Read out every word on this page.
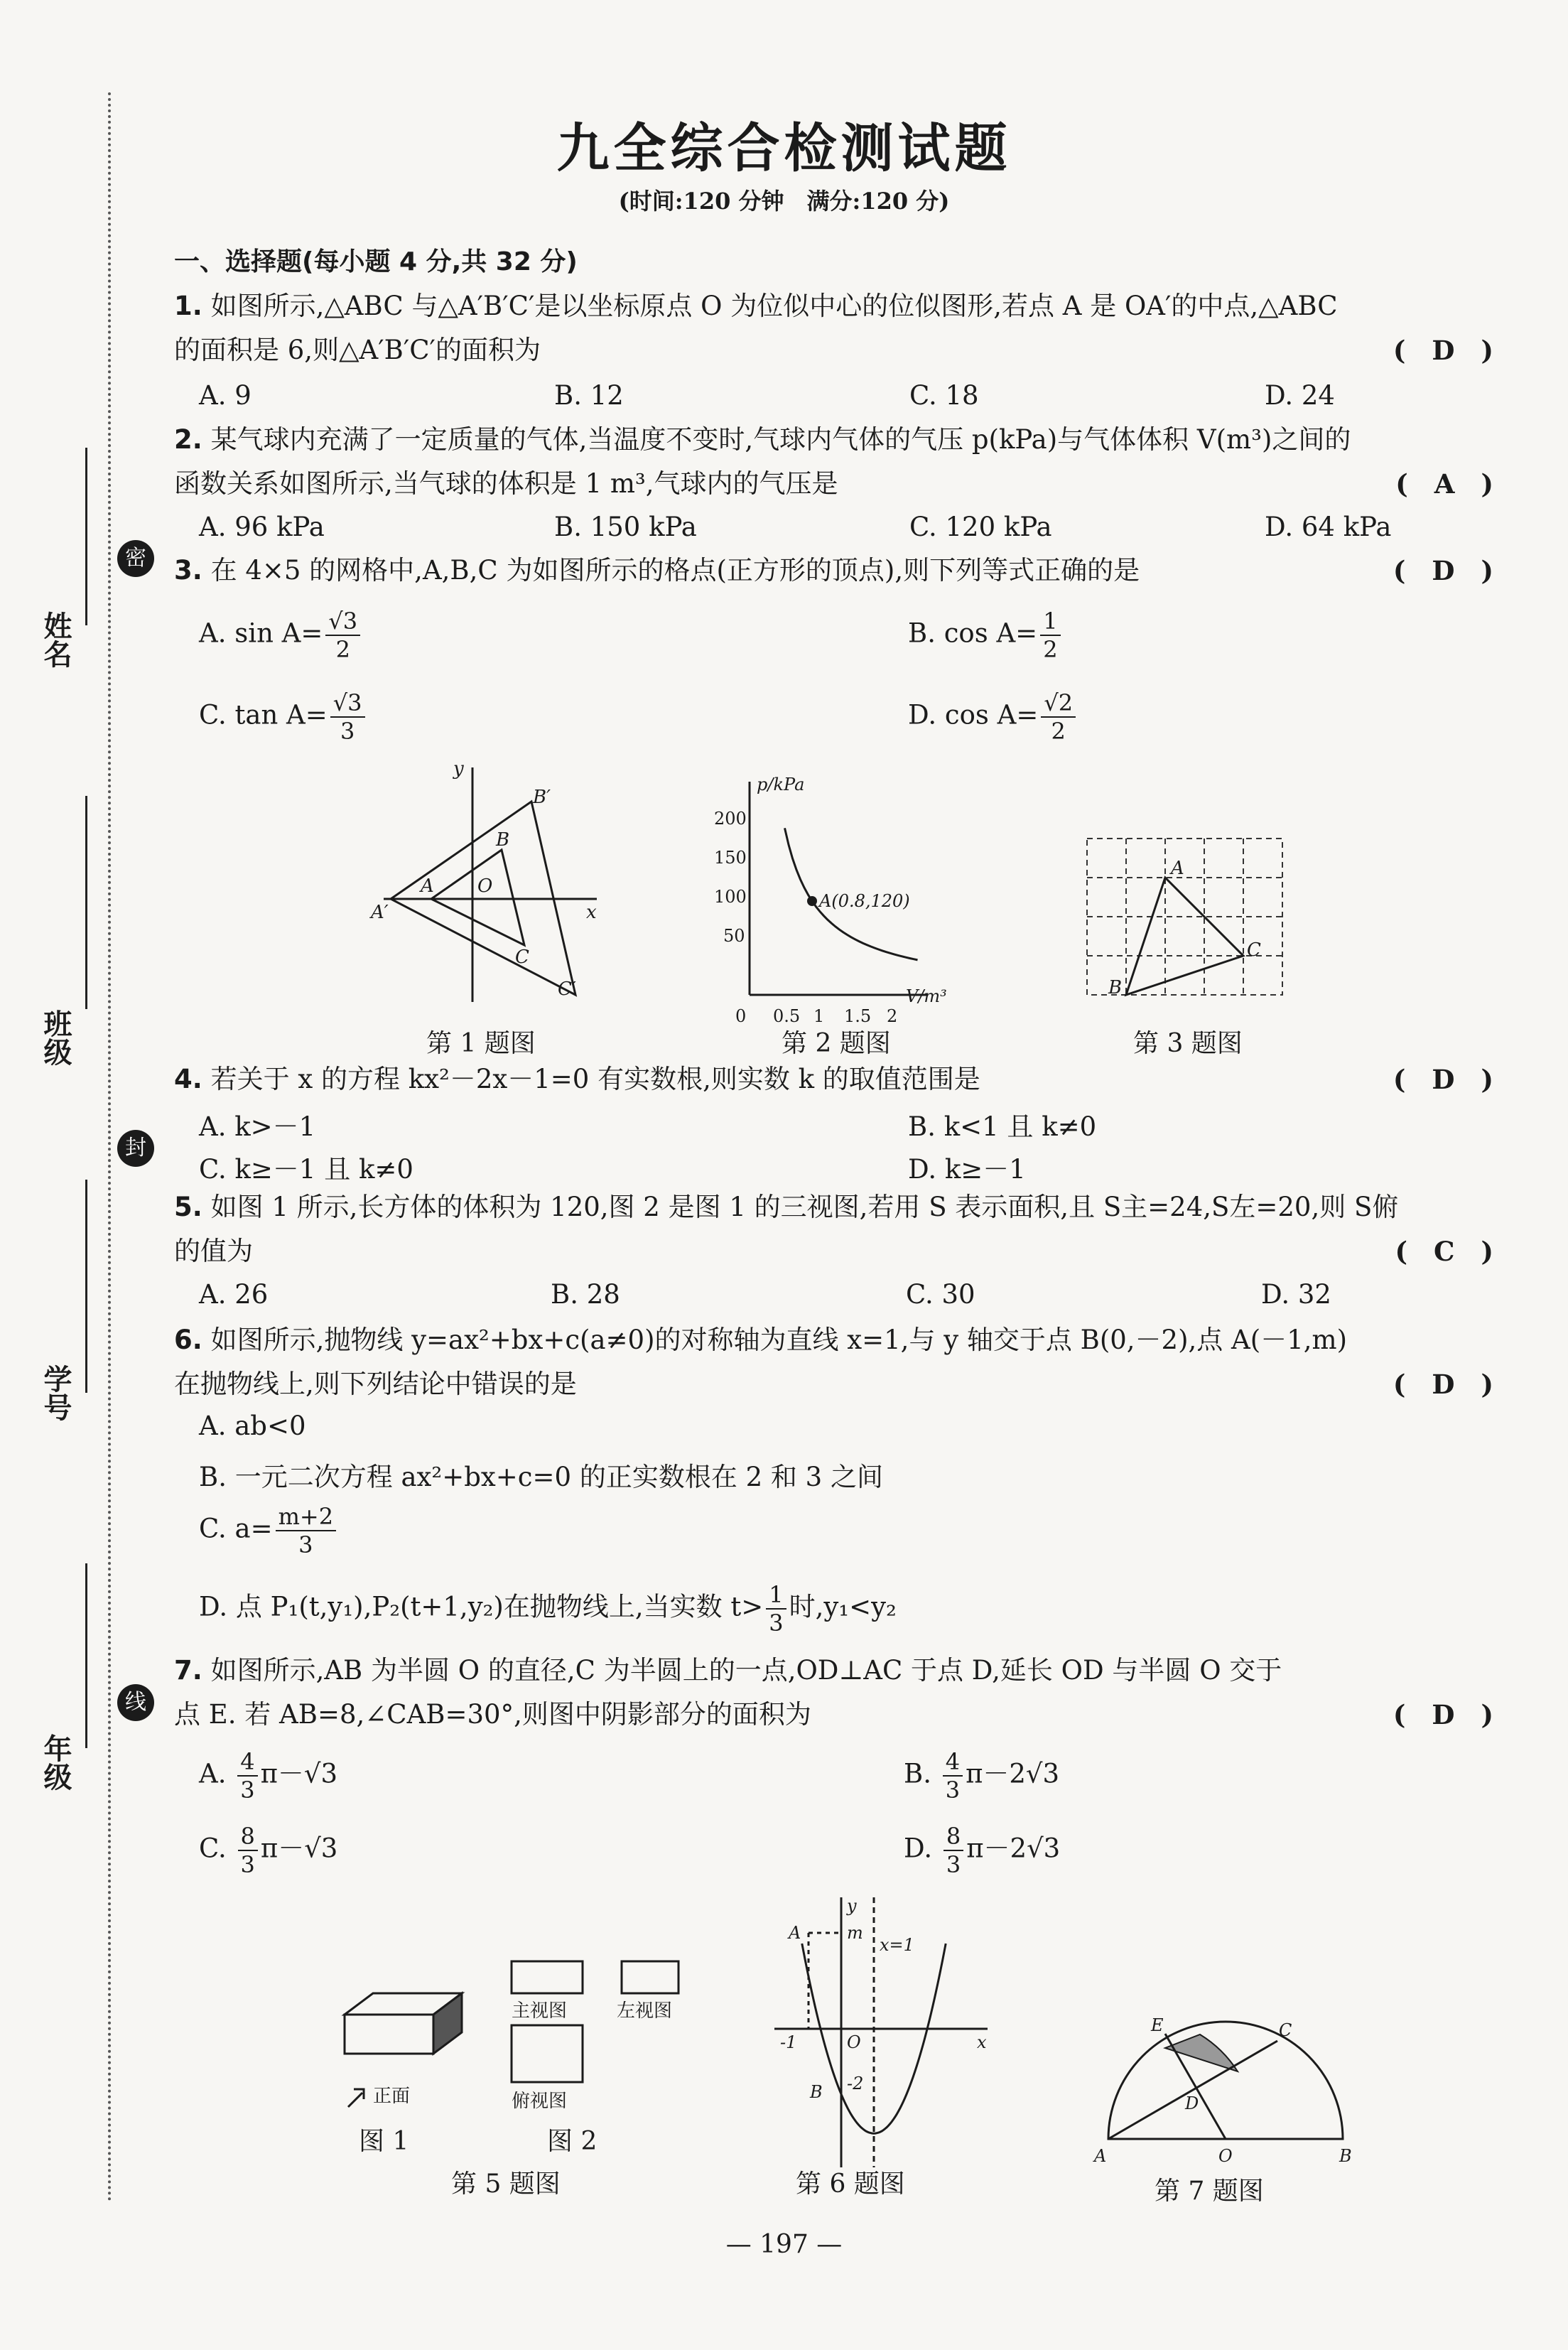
姓名
密
班级
封
学号
线
年级
九全综合检测试题
(时间:120 分钟　满分:120 分)
一、选择题(每小题 4 分,共 32 分)
1. 如图所示,△ABC 与△A′B′C′是以坐标原点 O 为位似中心的位似图形,若点 A 是 OA′的中点,△ABC
的面积是 6,则△A′B′C′的面积为	(　D　)
A. 9	B. 12	C. 18	D. 24
2. 某气球内充满了一定质量的气体,当温度不变时,气球内气体的气压 p(kPa)与气体体积 V(m³)之间的
函数关系如图所示,当气球的体积是 1 m³,气球内的气压是	(　A　)
A. 96 kPa	B. 150 kPa	C. 120 kPa	D. 64 kPa
3. 在 4×5 的网格中,A,B,C 为如图所示的格点(正方形的顶点),则下列等式正确的是	(　D　)
A. $\sin A= \frac{√3}{2}$	B. $\cos A= \frac{1}{2}$
C. $\tan A= \frac{√3}{3}$	D. $\cos A= \frac{√2}{2}$
y
x
A′
A O
B
B′
C
C′
第 1 题图
p/kPa
V/m³
A(0.8,120)
200
150
100
50
0 0.5 1 1.5 2
第 2 题图
A
B
C
第 3 题图
4. 若关于 x 的方程 kx²－2x－1=0 有实数根,则实数 k 的取值范围是	(　D　)
A. k>－1	B. k<1 且 k≠0
C. k≥－1 且 k≠0	D. k≥－1
5. 如图 1 所示,长方体的体积为 120,图 2 是图 1 的三视图,若用 S 表示面积,且 S主=24,S左=20,则 S俯
的值为	(　C　)
A. 26	B. 28	C. 30	D. 32
6. 如图所示,抛物线 y=ax²+bx+c(a≠0)的对称轴为直线 x=1,与 y 轴交于点 B(0,－2),点 A(－1,m)
在抛物线上,则下列结论中错误的是	(　D　)
A. ab<0
B. 一元二次方程 ax²+bx+c=0 的正实数根在 2 和 3 之间
C. $a= \frac{m+2}{3}$
D. 点 P₁(t,y₁),P₂(t+1,y₂)在抛物线上,当实数 $t> \frac{1}{3}$ 时,y₁<y₂
7. 如图所示,AB 为半圆 O 的直径,C 为半圆上的一点,OD⊥AC 于点 D,延长 OD 与半圆 O 交于
点 E. 若 AB=8,∠CAB=30°,则图中阴影部分的面积为	(　D　)
A. $\frac{4}{3} \pi-√3$	B. $\frac{4}{3} \pi-2√3$
C. $\frac{8}{3} \pi-√3$	D. $\frac{8}{3} \pi-2√3$
正面
主视图	左视图
俯视图
图 1	图 2
第 5 题图
y
x
A	m
x=1
-1	O
B -2
第 6 题图
E	C
D
A	O	B
第 7 题图
— 197 —
